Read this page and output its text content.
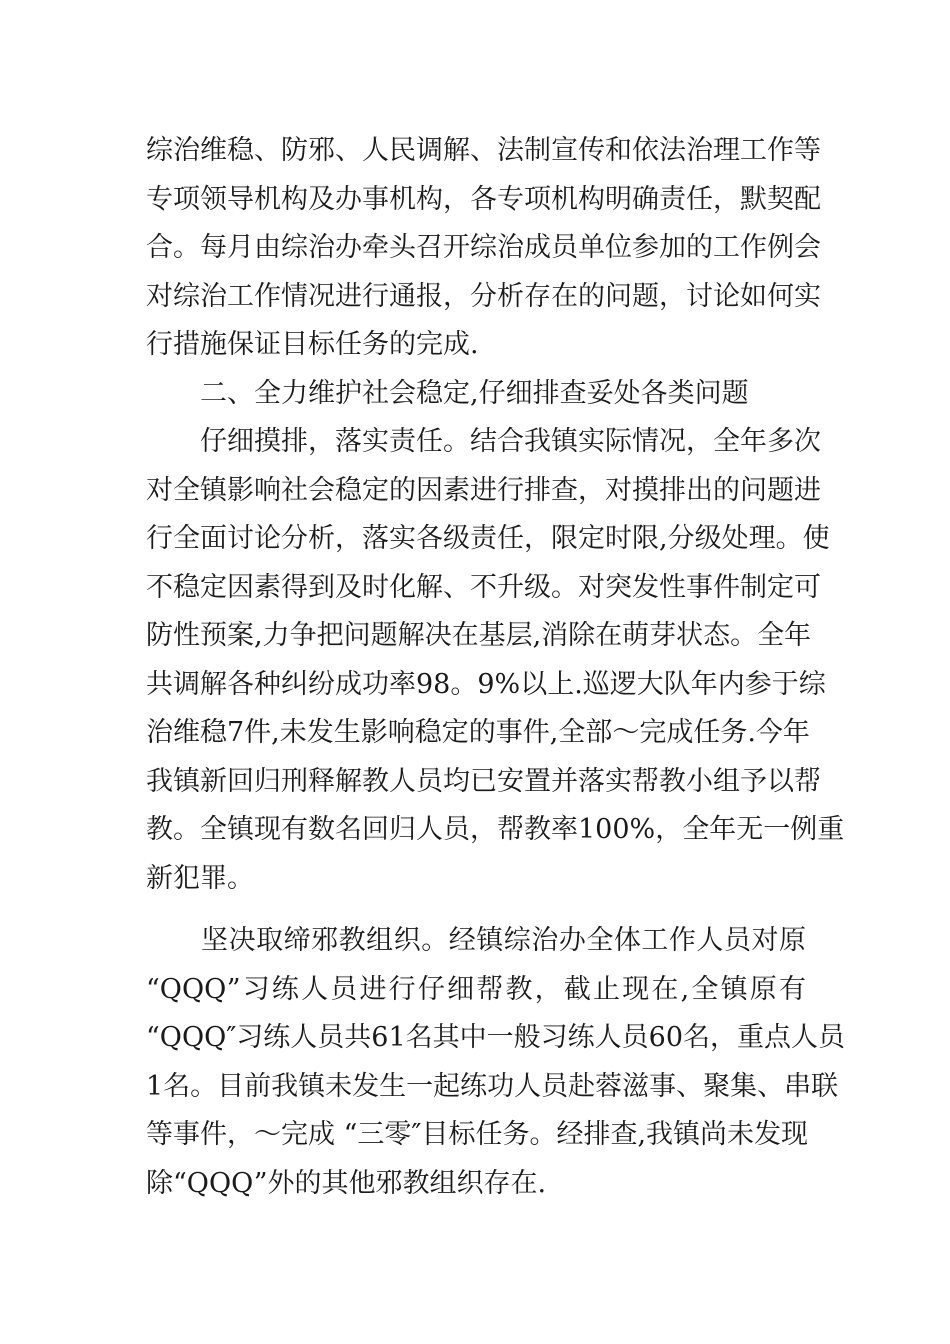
综治维稳、防邪、人民调解、法制宣传和依法治理工作等
专项领导机构及办事机构，各专项机构明确责任，默契配
合。每月由综治办牵头召开综治成员单位参加的工作例会
对综治工作情况进行通报，分析存在的问题，讨论如何实
行措施保证目标任务的完成.
　　二、全力维护社会稳定,仔细排查妥处各类问题
　　仔细摸排，落实责任。结合我镇实际情况，全年多次
对全镇影响社会稳定的因素进行排查，对摸排出的问题进
行全面讨论分析，落实各级责任，限定时限,分级处理。使
不稳定因素得到及时化解、不升级。对突发性事件制定可
防性预案,力争把问题解决在基层,消除在萌芽状态。全年
共调解各种纠纷成功率98。9%以上.巡逻大队年内参于综
治维稳7件,未发生影响稳定的事件,全部～完成任务.今年
我镇新回归刑释解教人员均已安置并落实帮教小组予以帮
教。全镇现有数名回归人员，帮教率100%，全年无一例重
新犯罪。
　　坚决取缔邪教组织。经镇综治办全体工作人员对原
“QQQ”习练人员进行仔细帮教，截止现在,全镇原有
“QQQ″习练人员共61名其中一般习练人员60名，重点人员
1名。目前我镇未发生一起练功人员赴蓉滋事、聚集、串联
等事件，～完成 “三零″目标任务。经排查,我镇尚未发现
除“QQQ”外的其他邪教组织存在.
